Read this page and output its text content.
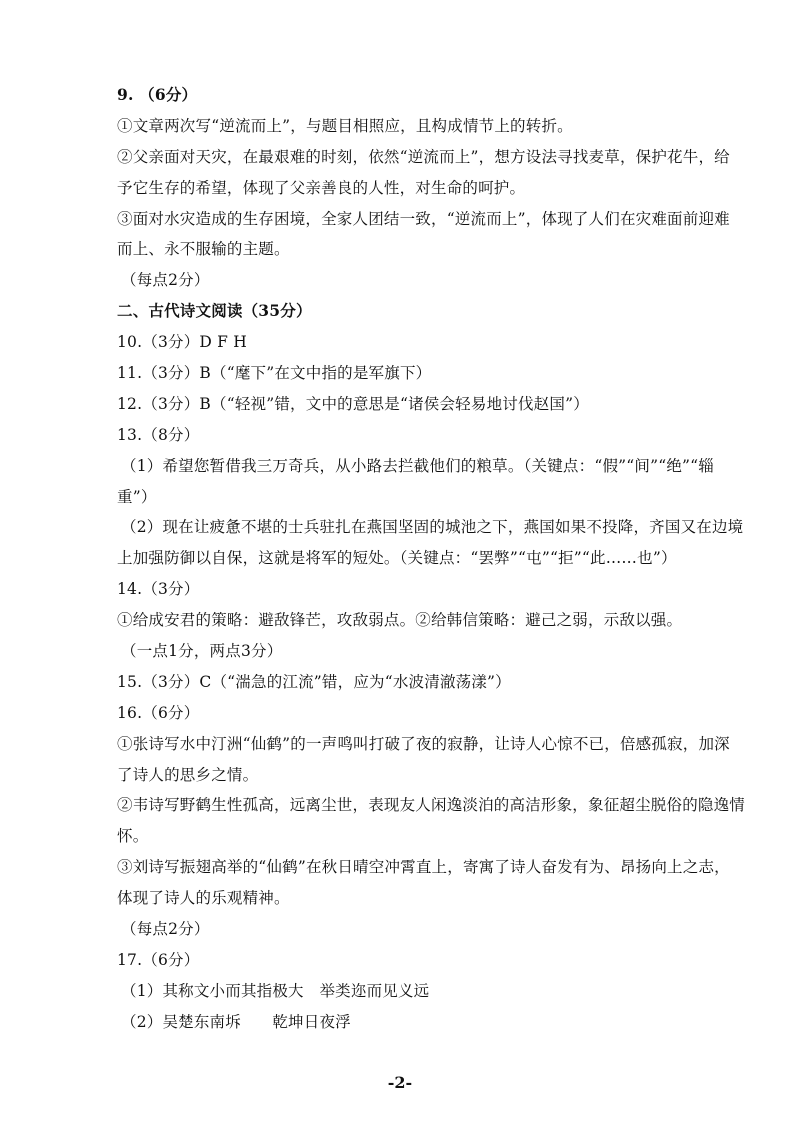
9. （6分）
①文章两次写“逆流而上”，与题目相照应，且构成情节上的转折。
②父亲面对天灾，在最艰难的时刻，依然“逆流而上”，想方设法寻找麦草，保护花牛，给
予它生存的希望，体现了父亲善良的人性，对生命的呵护。
③面对水灾造成的生存困境，全家人团结一致，“逆流而上”，体现了人们在灾难面前迎难
而上、永不服输的主题。
（每点2分）
二、古代诗文阅读（35分）
10.（3分）D F H
11.（3分）B（“麾下”在文中指的是军旗下）
12.（3分）B（“轻视”错，文中的意思是“诸侯会轻易地讨伐赵国”）
13.（8分）
（1）希望您暂借我三万奇兵，从小路去拦截他们的粮草。（关键点：“假”“间”“绝”“辎
重”）
（2）现在让疲惫不堪的士兵驻扎在燕国坚固的城池之下，燕国如果不投降，齐国又在边境
上加强防御以自保，这就是将军的短处。（关键点：“罢弊”“屯”“拒”“此……也”）
14.（3分）
①给成安君的策略：避敌锋芒，攻敌弱点。②给韩信策略：避己之弱，示敌以强。
（一点1分，两点3分）
15.（3分）C（“湍急的江流”错，应为“水波清澈荡漾”）
16.（6分）
①张诗写水中汀洲“仙鹤”的一声鸣叫打破了夜的寂静，让诗人心惊不已，倍感孤寂，加深
了诗人的思乡之情。
②韦诗写野鹤生性孤高，远离尘世，表现友人闲逸淡泊的高洁形象，象征超尘脱俗的隐逸情
怀。
③刘诗写振翅高举的“仙鹤”在秋日晴空冲霄直上，寄寓了诗人奋发有为、昂扬向上之志，
体现了诗人的乐观精神。
（每点2分）
17.（6分）
（1）其称文小而其指极大　举类迩而见义远
（2）吴楚东南坼　　乾坤日夜浮
-2-
